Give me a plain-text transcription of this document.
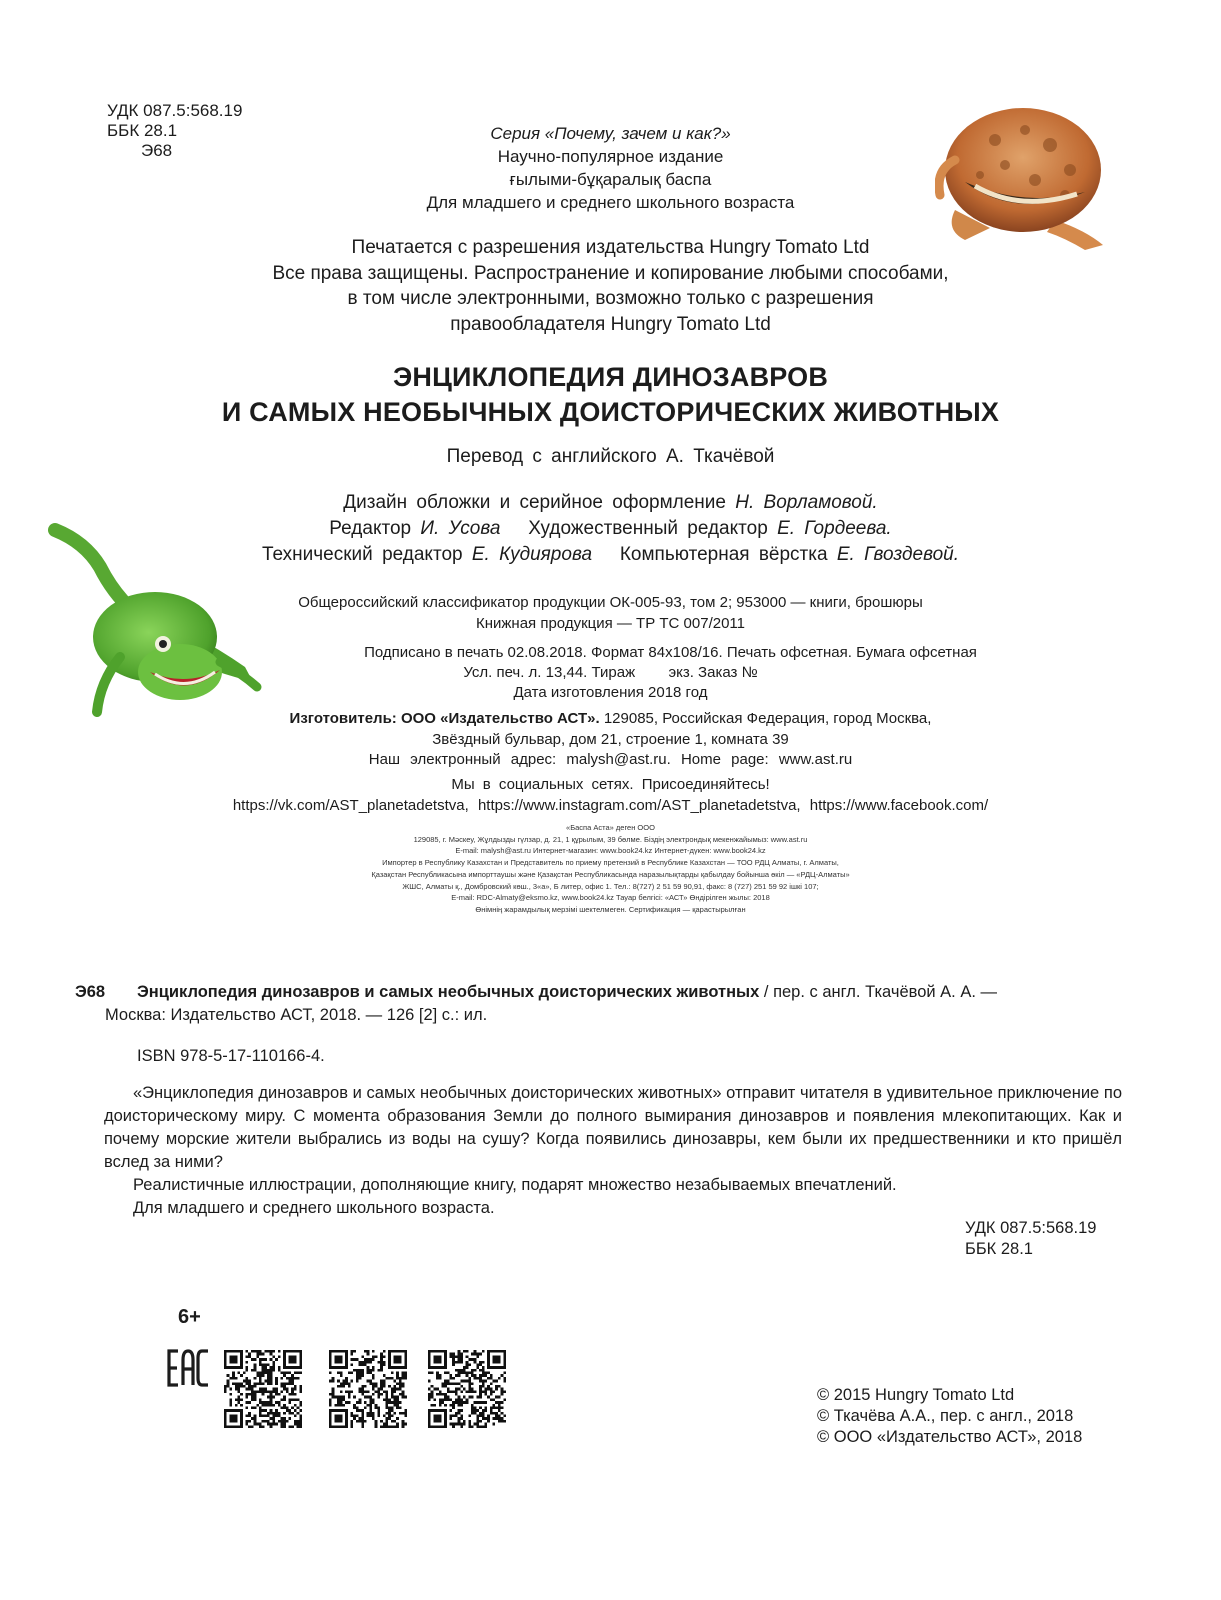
УДК 087.5:568.19
ББК 28.1
Э68
Серия «Почему, зачем и как?»
Научно-популярное издание
ғылыми-бұқаралық баспа
Для младшего и среднего школьного возраста
Печатается с разрешения издательства Hungry Tomato Ltd
Все права защищены. Распространение и копирование любыми способами,
в том числе электронными, возможно только с разрешения
правообладателя Hungry Tomato Ltd
ЭНЦИКЛОПЕДИЯ ДИНОЗАВРОВ
И САМЫХ НЕОБЫЧНЫХ ДОИСТОРИЧЕСКИХ ЖИВОТНЫХ
Перевод с английского А. Ткачёвой
Дизайн обложки и серийное оформление Н. Ворламовой.
Редактор И. Усова Художественный редактор Е. Гордеева.
Технический редактор Е. Кудиярова Компьютерная вёрстка Е. Гвоздевой.
Общероссийский классификатор продукции ОК-005-93, том 2; 953000 — книги, брошюры
Книжная продукция — ТР ТС 007/2011
Подписано в печать 02.08.2018. Формат 84х108/16. Печать офсетная. Бумага офсетная
Усл. печ. л. 13,44. Тираж        экз. Заказ №
Дата изготовления 2018 год
Изготовитель: ООО «Издательство АСТ». 129085, Российская Федерация, город Москва,
Звёздный бульвар, дом 21, строение 1, комната 39
Наш электронный адрес: malysh@ast.ru. Home page: www.ast.ru
Мы в социальных сетях. Присоединяйтесь!
https://vk.com/AST_planetadetstva, https://www.instagram.com/AST_planetadetstva, https://www.facebook.com/
«Баспа Аста» деген ООО
129085, г. Мәскеу, Жұлдызды гүлзар, д. 21, 1 құрылым, 39 бөлме. Біздің электрондық мекенжайымыз: www.ast.ru
E-mail: malysh@ast.ru Интернет-магазин: www.book24.kz Интернет-дүкен: www.book24.kz
Импортер в Республику Казахстан и Представитель по приему претензий в Республике Казахстан — ТОО РДЦ Алматы, г. Алматы,
Қазақстан Республикасына импорттаушы және Қазақстан Республикасында наразылықтарды қабылдау бойынша өкіл — «РДЦ-Алматы»
ЖШС, Алматы қ., Домбровский көш., 3«а», Б литер, офис 1. Тел.: 8(727) 2 51 59 90,91, факс: 8 (727) 251 59 92 ішкі 107;
E-mail: RDC-Almaty@eksmo.kz, www.book24.kz Тауар белгісі: «АСТ» Өндірілген жылы: 2018
Өнімнің жарамдылық мерзімі шектелмеген. Сертификация — қарастырылған
Э68 Энциклопедия динозавров и самых необычных доисторических животных / пер. с англ. Ткачёвой А. А. —
Москва: Издательство АСТ, 2018. — 126 [2] с.: ил.
ISBN 978-5-17-110166-4.

«Энциклопедия динозавров и самых необычных доисторических животных» отправит читателя в удивительное приключение по доисторическому миру. С момента образования Земли до полного вымирания динозавров и появления млекопитающих. Как и почему морские жители выбрались из воды на сушу? Когда появились динозавры, кем были их предшественники и кто пришёл вслед за ними?

Реалистичные иллюстрации, дополняющие книгу, подарят множество незабываемых впечатлений.

Для младшего и среднего школьного возраста.

УДК 087.5:568.19
ББК 28.1
6+
© 2015 Hungry Tomato Ltd
© Ткачёва А.А., пер. с англ., 2018
© ООО «Издательство АСТ», 2018
